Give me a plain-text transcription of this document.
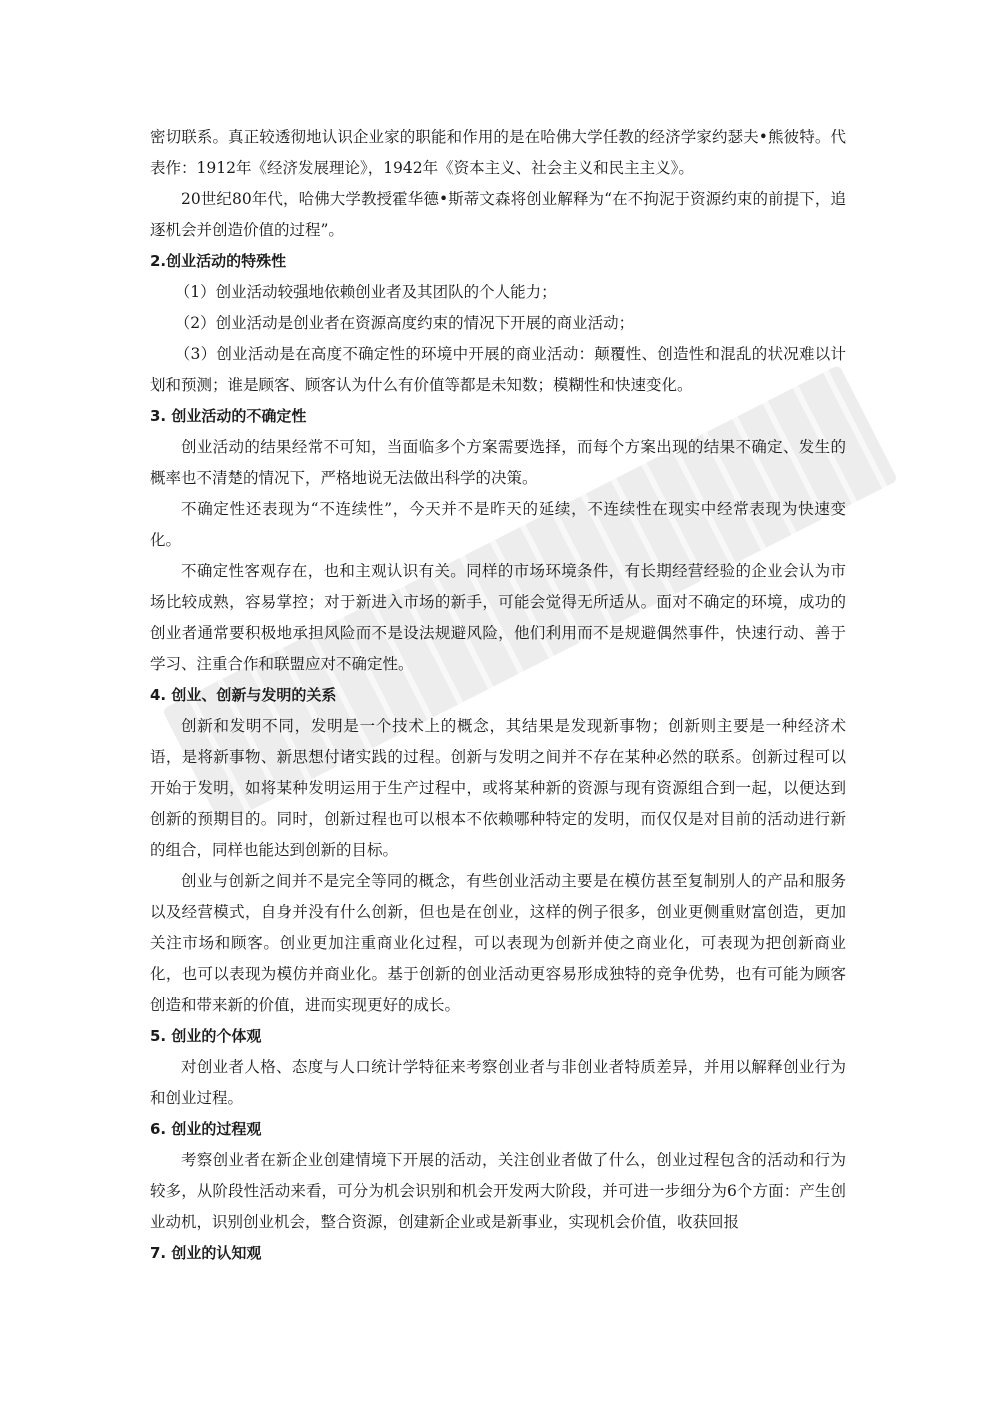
密切联系。真正较透彻地认识企业家的职能和作用的是在哈佛大学任教的经济学家约瑟夫•熊彼特。代表作：1912年《经济发展理论》，1942年《资本主义、社会主义和民主主义》。

20世纪80年代，哈佛大学教授霍华德•斯蒂文森将创业解释为“在不拘泥于资源约束的前提下，追逐机会并创造价值的过程”。

2.创业活动的特殊性

（1）创业活动较强地依赖创业者及其团队的个人能力；

（2）创业活动是创业者在资源高度约束的情况下开展的商业活动；

（3）创业活动是在高度不确定性的环境中开展的商业活动：颠覆性、创造性和混乱的状况难以计划和预测；谁是顾客、顾客认为什么有价值等都是未知数；模糊性和快速变化。

3. 创业活动的不确定性

创业活动的结果经常不可知，当面临多个方案需要选择，而每个方案出现的结果不确定、发生的概率也不清楚的情况下，严格地说无法做出科学的决策。

不确定性还表现为“不连续性”，今天并不是昨天的延续，不连续性在现实中经常表现为快速变化。

不确定性客观存在，也和主观认识有关。同样的市场环境条件，有长期经营经验的企业会认为市场比较成熟，容易掌控；对于新进入市场的新手，可能会觉得无所适从。面对不确定的环境，成功的创业者通常要积极地承担风险而不是设法规避风险，他们利用而不是规避偶然事件，快速行动、善于学习、注重合作和联盟应对不确定性。

4. 创业、创新与发明的关系

创新和发明不同，发明是一个技术上的概念，其结果是发现新事物；创新则主要是一种经济术语，是将新事物、新思想付诸实践的过程。创新与发明之间并不存在某种必然的联系。创新过程可以开始于发明，如将某种发明运用于生产过程中，或将某种新的资源与现有资源组合到一起，以便达到创新的预期目的。同时，创新过程也可以根本不依赖哪种特定的发明，而仅仅是对目前的活动进行新的组合，同样也能达到创新的目标。

创业与创新之间并不是完全等同的概念，有些创业活动主要是在模仿甚至复制别人的产品和服务以及经营模式，自身并没有什么创新，但也是在创业，这样的例子很多，创业更侧重财富创造，更加关注市场和顾客。创业更加注重商业化过程，可以表现为创新并使之商业化，可表现为把创新商业化，也可以表现为模仿并商业化。基于创新的创业活动更容易形成独特的竞争优势，也有可能为顾客创造和带来新的价值，进而实现更好的成长。

5. 创业的个体观

对创业者人格、态度与人口统计学特征来考察创业者与非创业者特质差异，并用以解释创业行为和创业过程。

6. 创业的过程观

考察创业者在新企业创建情境下开展的活动，关注创业者做了什么，创业过程包含的活动和行为较多，从阶段性活动来看，可分为机会识别和机会开发两大阶段，并可进一步细分为6个方面：产生创业动机，识别创业机会，整合资源，创建新企业或是新事业，实现机会价值，收获回报

7. 创业的认知观
